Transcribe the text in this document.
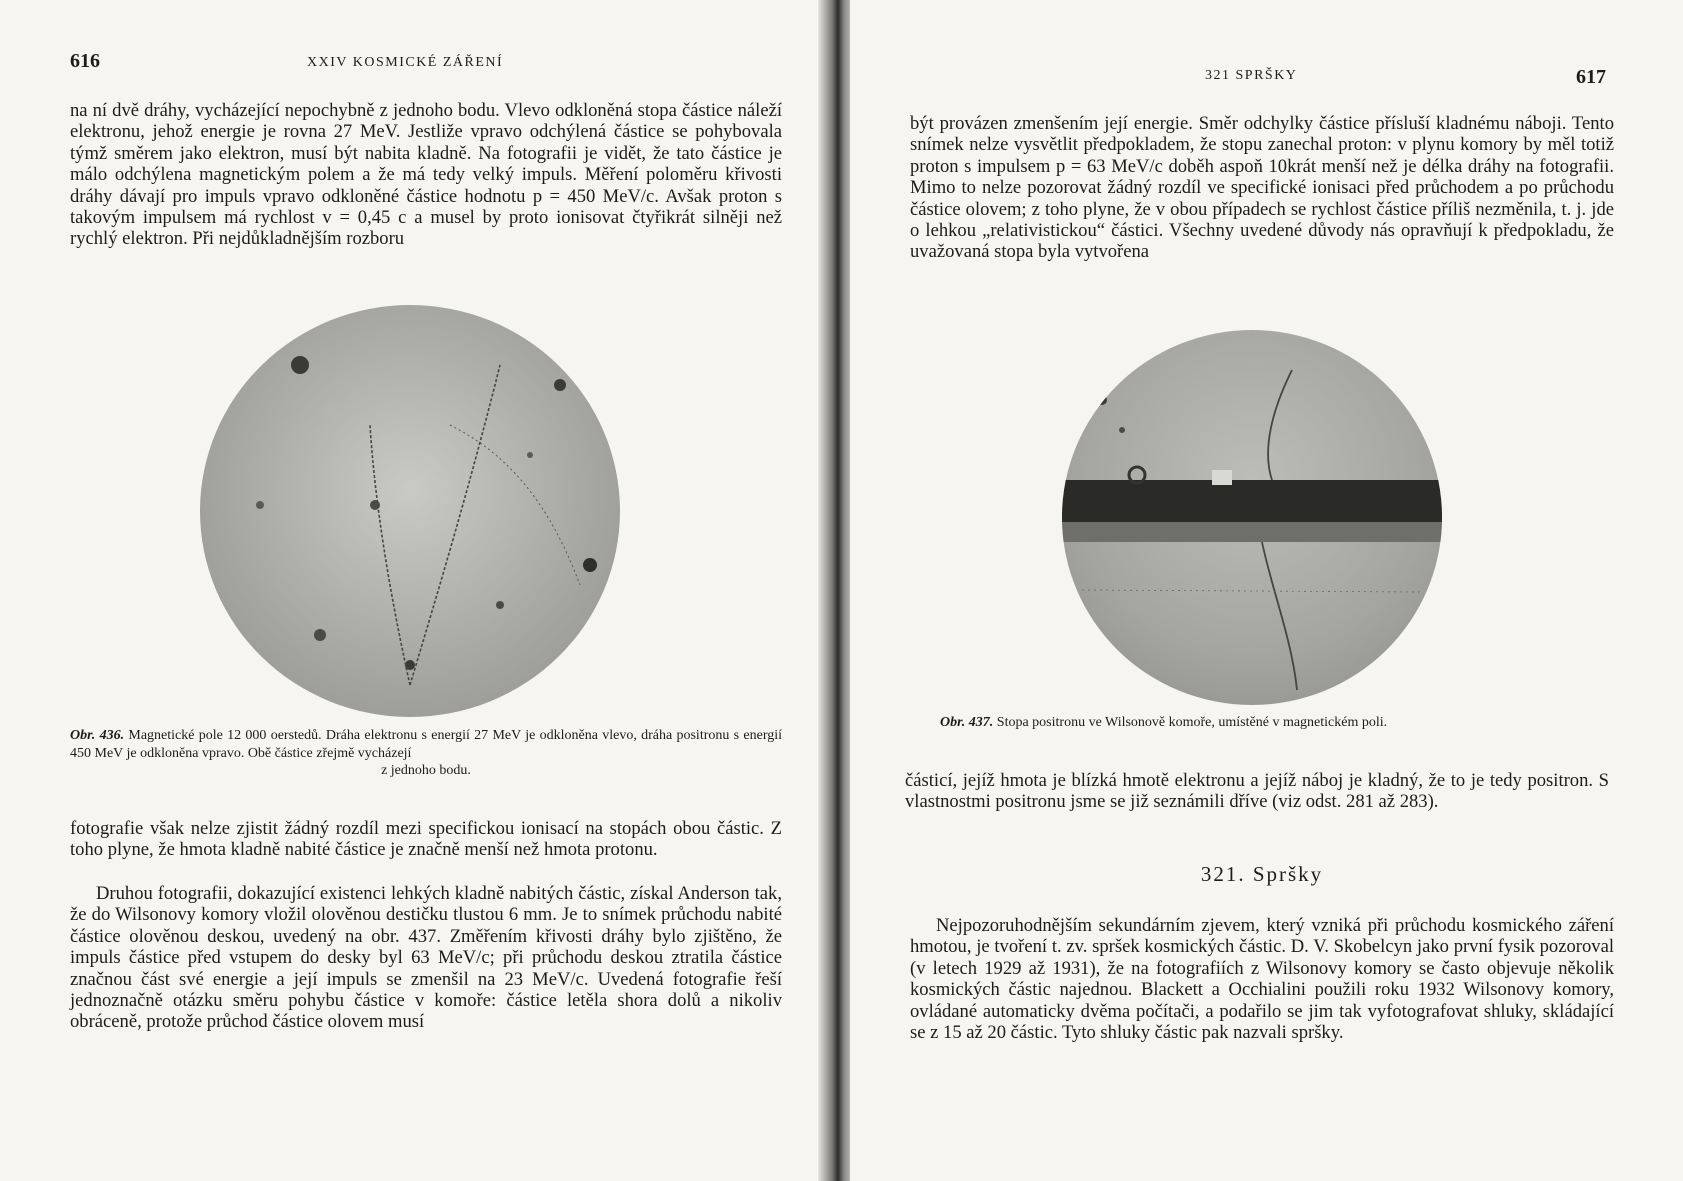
616	XXIV KOSMICKÉ ZÁŘENÍ

na ní dvě dráhy, vycházející nepochybně z jednoho bodu. Vlevo odkloněná stopa částice náleží elektronu, jehož energie je rovna 27 MeV. Jestliže vpravo odchýlená částice se pohybovala týmž směrem jako elektron, musí být nabita kladně. Na fotografii je vidět, že tato částice je málo odchýlena magnetickým polem a že má tedy velký impuls. Měření poloměru křivosti dráhy dávají pro impuls vpravo odkloněné částice hodnotu p = 450 MeV/c. Avšak proton s takovým impulsem má rychlost v = 0,45 c a musel by proto ionisovat čtyřikrát silněji než rychlý elektron. Při nejdůkladnějším rozboru

Obr. 436. Magnetické pole 12 000 oerstedů. Dráha elektronu s energií 27 MeV je odkloněna vlevo, dráha positronu s energií 450 MeV je odkloněna vpravo. Obě částice zřejmě vycházejí
z jednoho bodu.

fotografie však nelze zjistit žádný rozdíl mezi specifickou ionisací na stopách obou částic. Z toho plyne, že hmota kladně nabité částice je značně menší než hmota protonu.

Druhou fotografii, dokazující existenci lehkých kladně nabitých částic, získal Anderson tak, že do Wilsonovy komory vložil olověnou destičku tlustou 6 mm. Je to snímek průchodu nabité částice olověnou deskou, uvedený na obr. 437. Změřením křivosti dráhy bylo zjištěno, že impuls částice před vstupem do desky byl 63 MeV/c; při průchodu deskou ztratila částice značnou část své energie a její impuls se zmenšil na 23 MeV/c. Uvedená fotografie řeší jednoznačně otázku směru pohybu částice v komoře: částice letěla shora dolů a nikoliv obráceně, protože průchod částice olovem musí

321 SPRŠKY	617

být provázen zmenšením její energie. Směr odchylky částice přísluší kladnému náboji. Tento snímek nelze vysvětlit předpokladem, že stopu zanechal proton: v plynu komory by měl totiž proton s impulsem p = 63 MeV/c doběh aspoň 10krát menší než je délka dráhy na fotografii. Mimo to nelze pozorovat žádný rozdíl ve specifické ionisaci před průchodem a po průchodu částice olovem; z toho plyne, že v obou případech se rychlost částice příliš nezměnila, t. j. jde o lehkou „relativistickou“ částici. Všechny uvedené důvody nás opravňují k předpokladu, že uvažovaná stopa byla vytvořena

Obr. 437. Stopa positronu ve Wilsonově komoře, umístěné v magnetickém poli.

částicí, jejíž hmota je blízká hmotě elektronu a jejíž náboj je kladný, že to je tedy positron. S vlastnostmi positronu jsme se již seznámili dříve (viz odst. 281 až 283).

321. Spršky

Nejpozoruhodnějším sekundárním zjevem, který vzniká při průchodu kosmického záření hmotou, je tvoření t. zv. spršek kosmických částic. D. V. Skobelcyn jako první fysik pozoroval (v letech 1929 až 1931), že na fotografiích z Wilsonovy komory se často objevuje několik kosmických částic najednou. Blackett a Occhialini použili roku 1932 Wilsonovy komory, ovládané automaticky dvěma počítači, a podařilo se jim tak vyfotografovat shluky, skládající se z 15 až 20 částic. Tyto shluky částic pak nazvali spršky.
